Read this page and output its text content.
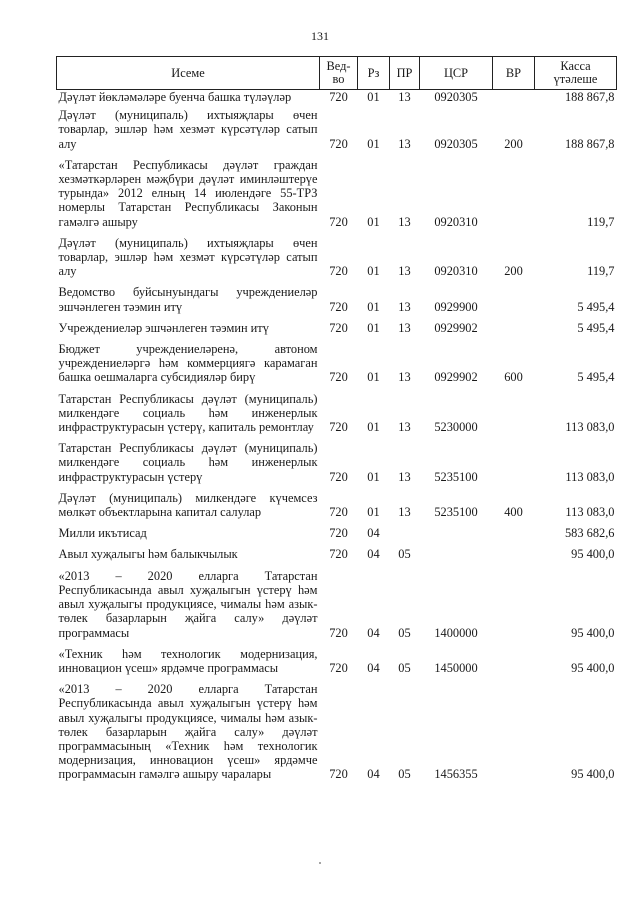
131
Исеме	Вед-во	Рз	ПР	ЦСР	ВР	Касса үтәлеше
Дәүләт йөкләмәләре буенча башка түләүләр	720	01	13	0920305		188 867,8
Дәүләт (муниципаль) ихтыяҗлары өчен товарлар, эшләр һәм хезмәт күрсәтүләр сатып алу	720	01	13	0920305	200	188 867,8
«Татарстан Республикасы дәүләт граждан хезмәткәрләрен мәҗбүри дәүләт иминләштерүе турында» 2012 елның 14 июлендәге 55-ТРЗ номерлы Татарстан Республикасы Законын гамәлгә ашыру	720	01	13	0920310		119,7
Дәүләт (муниципаль) ихтыяҗлары өчен товарлар, эшләр һәм хезмәт күрсәтүләр сатып алу	720	01	13	0920310	200	119,7
Ведомство буйсынуындагы учреждениеләр эшчәнлеген тәэмин итү	720	01	13	0929900		5 495,4
Учреждениеләр эшчәнлеген тәэмин итү	720	01	13	0929902		5 495,4
Бюджет учреждениеләренә, автоном учреждениеләргә һәм коммерциягә карамаган башка оешмаларга субсидияләр бирү	720	01	13	0929902	600	5 495,4
Татарстан Республикасы дәүләт (муниципаль) милкендәге социаль һәм инженерлык инфраструктурасын үстерү, капиталь ремонтлау	720	01	13	5230000		113 083,0
Татарстан Республикасы дәүләт (муниципаль) милкендәге социаль һәм инженерлык инфраструктурасын үстерү	720	01	13	5235100		113 083,0
Дәүләт (муниципаль) милкендәге күчемсез мөлкәт объектларына капитал салулар	720	01	13	5235100	400	113 083,0
Милли икътисад	720	04				583 682,6
Авыл хуҗалыгы һәм балыкчылык	720	04	05			95 400,0
«2013 – 2020 елларга Татарстан Республикасында авыл хуҗалыгын үстерү һәм авыл хуҗалыгы продукциясе, чималы һәм азык-төлек базарларын җайга салу» дәүләт программасы	720	04	05	1400000		95 400,0
«Техник һәм технологик модернизация, инновацион үсеш» ярдәмче программасы	720	04	05	1450000		95 400,0
«2013 – 2020 елларга Татарстан Республикасында авыл хуҗалыгын үстерү һәм авыл хуҗалыгы продукциясе, чималы һәм азык-төлек базарларын җайга салу» дәүләт программасының «Техник һәм технологик модернизация, инновацион үсеш» ярдәмче программасын гамәлгә ашыру чаралары	720	04	05	1456355		95 400,0
